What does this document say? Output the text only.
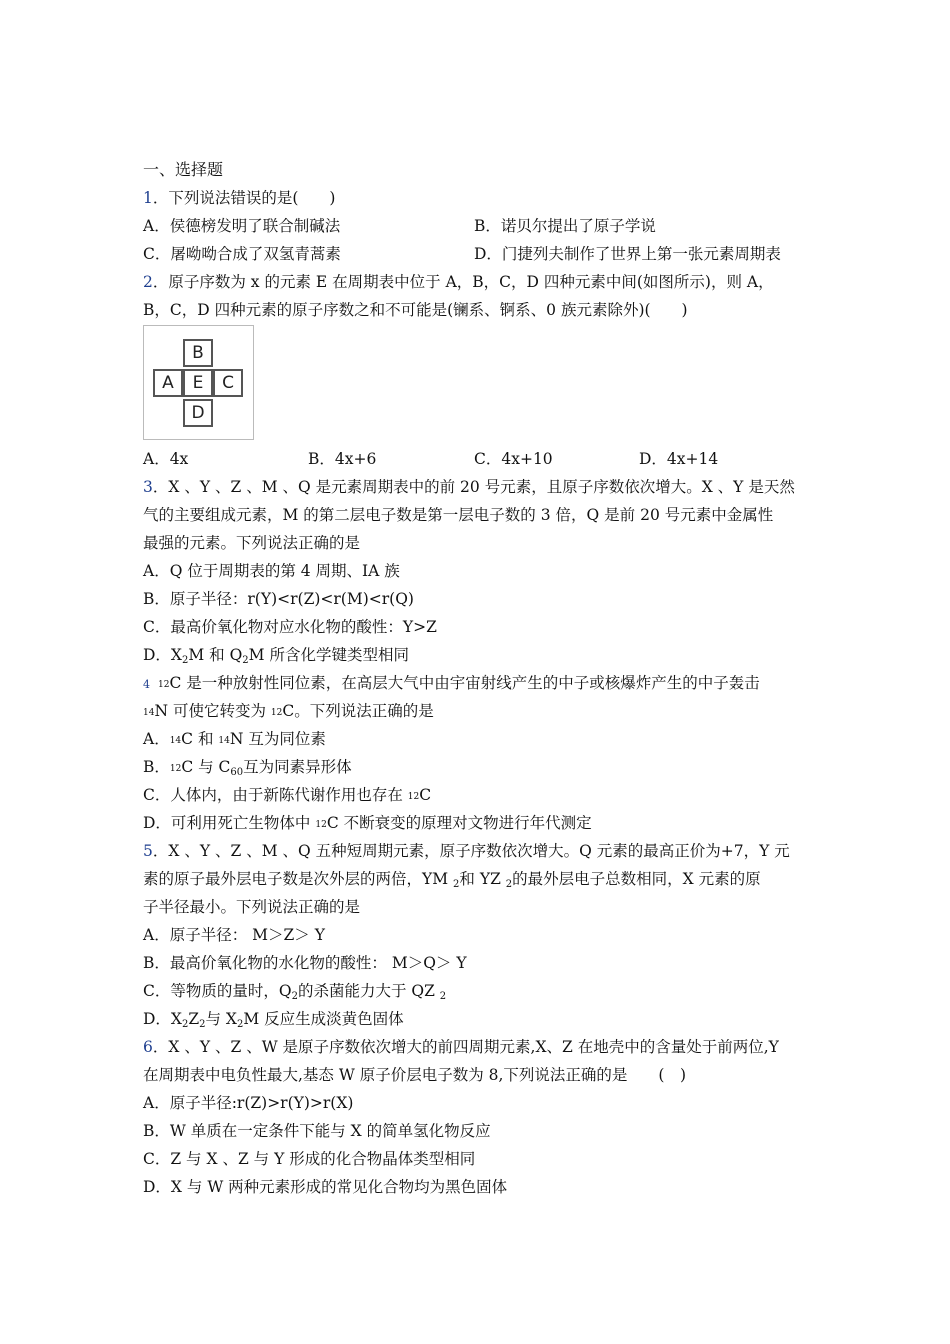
一、选择题
1．下列说法错误的是(　　)
A．侯德榜发明了联合制碱法	B．诺贝尔提出了原子学说
C．屠呦呦合成了双氢青蒿素	D．门捷列夫制作了世界上第一张元素周期表
2．原子序数为 x 的元素 E 在周期表中位于 A，B，C，D 四种元素中间(如图所示)，则 A，
B，C，D 四种元素的原子序数之和不可能是(镧系、锕系、0 族元素除外)(　　)
B
A	E	C
D
A．4x	B．4x+6	C．4x+10	D．4x+14
3．X 、Y 、Z 、M 、Q 是元素周期表中的前 20 号元素，且原子序数依次增大。X 、Y 是天然
气的主要组成元素，M 的第二层电子数是第一层电子数的 3 倍，Q 是前 20 号元素中金属性
最强的元素。下列说法正确的是
A．Q 位于周期表的第 4 周期、ⅠA 族
B．原子半径：r(Y)<r(Z)<r(M)<r(Q)
C．最高价氧化物对应水化物的酸性：Y>Z
D．$X_2M$ 和 $Q_2M$ 所含化学键类型相同
4 12C 是一种放射性同位素，在高层大气中由宇宙射线产生的中子或核爆炸产生的中子轰击
14N 可使它转变为 12C。下列说法正确的是
A．14C 和 14N 互为同位素
B．12C 与 $C_{60}$互为同素异形体
C．人体内，由于新陈代谢作用也存在 12C
D．可利用死亡生物体中 12C 不断衰变的原理对文物进行年代测定
5．X 、Y 、Z 、M 、Q 五种短周期元素，原子序数依次增大。Q 元素的最高正价为+7，Y 元
素的原子最外层电子数是次外层的两倍，YM $_2$和 YZ $_2$的最外层电子总数相同，X 元素的原
子半径最小。下列说法正确的是
A．原子半径： M＞Z＞ Y
B．最高价氧化物的水化物的酸性： M＞Q＞ Y
C．等物质的量时，$Q_2$的杀菌能力大于 QZ $_2$
D．$X_2Z_2$与 $X_2M$ 反应生成淡黄色固体
6．X 、Y 、Z 、W 是原子序数依次增大的前四周期元素,X、Z 在地壳中的含量处于前两位,Y
在周期表中电负性最大,基态 W 原子价层电子数为 8,下列说法正确的是　　(　)
A．原子半径:r(Z)>r(Y)>r(X)
B．W 单质在一定条件下能与 X 的简单氢化物反应
C．Z 与 X 、Z 与 Y 形成的化合物晶体类型相同
D．X 与 W 两种元素形成的常见化合物均为黑色固体
